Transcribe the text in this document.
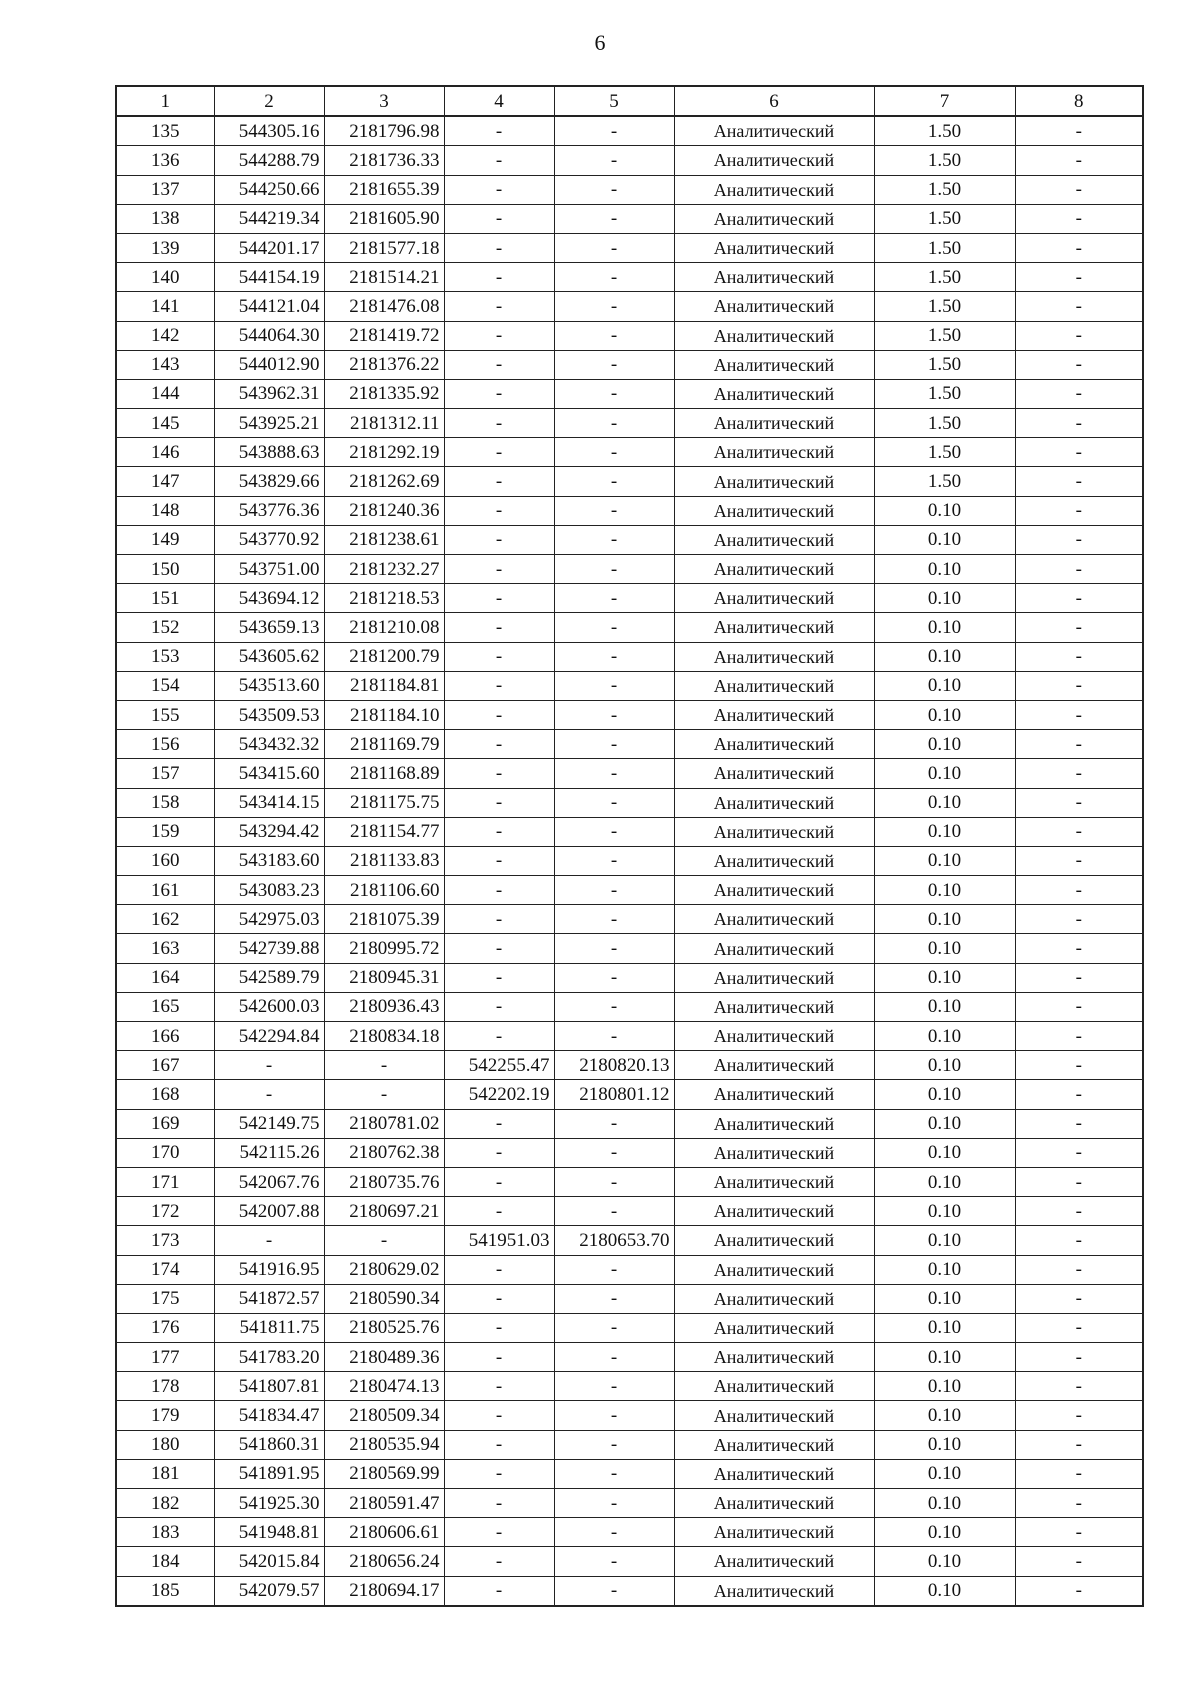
6
1	2	3	4	5	6	7	8
135	544305.16	2181796.98	-	-	Аналитический	1.50	-
136	544288.79	2181736.33	-	-	Аналитический	1.50	-
137	544250.66	2181655.39	-	-	Аналитический	1.50	-
138	544219.34	2181605.90	-	-	Аналитический	1.50	-
139	544201.17	2181577.18	-	-	Аналитический	1.50	-
140	544154.19	2181514.21	-	-	Аналитический	1.50	-
141	544121.04	2181476.08	-	-	Аналитический	1.50	-
142	544064.30	2181419.72	-	-	Аналитический	1.50	-
143	544012.90	2181376.22	-	-	Аналитический	1.50	-
144	543962.31	2181335.92	-	-	Аналитический	1.50	-
145	543925.21	2181312.11	-	-	Аналитический	1.50	-
146	543888.63	2181292.19	-	-	Аналитический	1.50	-
147	543829.66	2181262.69	-	-	Аналитический	1.50	-
148	543776.36	2181240.36	-	-	Аналитический	0.10	-
149	543770.92	2181238.61	-	-	Аналитический	0.10	-
150	543751.00	2181232.27	-	-	Аналитический	0.10	-
151	543694.12	2181218.53	-	-	Аналитический	0.10	-
152	543659.13	2181210.08	-	-	Аналитический	0.10	-
153	543605.62	2181200.79	-	-	Аналитический	0.10	-
154	543513.60	2181184.81	-	-	Аналитический	0.10	-
155	543509.53	2181184.10	-	-	Аналитический	0.10	-
156	543432.32	2181169.79	-	-	Аналитический	0.10	-
157	543415.60	2181168.89	-	-	Аналитический	0.10	-
158	543414.15	2181175.75	-	-	Аналитический	0.10	-
159	543294.42	2181154.77	-	-	Аналитический	0.10	-
160	543183.60	2181133.83	-	-	Аналитический	0.10	-
161	543083.23	2181106.60	-	-	Аналитический	0.10	-
162	542975.03	2181075.39	-	-	Аналитический	0.10	-
163	542739.88	2180995.72	-	-	Аналитический	0.10	-
164	542589.79	2180945.31	-	-	Аналитический	0.10	-
165	542600.03	2180936.43	-	-	Аналитический	0.10	-
166	542294.84	2180834.18	-	-	Аналитический	0.10	-
167	-	-	542255.47	2180820.13	Аналитический	0.10	-
168	-	-	542202.19	2180801.12	Аналитический	0.10	-
169	542149.75	2180781.02	-	-	Аналитический	0.10	-
170	542115.26	2180762.38	-	-	Аналитический	0.10	-
171	542067.76	2180735.76	-	-	Аналитический	0.10	-
172	542007.88	2180697.21	-	-	Аналитический	0.10	-
173	-	-	541951.03	2180653.70	Аналитический	0.10	-
174	541916.95	2180629.02	-	-	Аналитический	0.10	-
175	541872.57	2180590.34	-	-	Аналитический	0.10	-
176	541811.75	2180525.76	-	-	Аналитический	0.10	-
177	541783.20	2180489.36	-	-	Аналитический	0.10	-
178	541807.81	2180474.13	-	-	Аналитический	0.10	-
179	541834.47	2180509.34	-	-	Аналитический	0.10	-
180	541860.31	2180535.94	-	-	Аналитический	0.10	-
181	541891.95	2180569.99	-	-	Аналитический	0.10	-
182	541925.30	2180591.47	-	-	Аналитический	0.10	-
183	541948.81	2180606.61	-	-	Аналитический	0.10	-
184	542015.84	2180656.24	-	-	Аналитический	0.10	-
185	542079.57	2180694.17	-	-	Аналитический	0.10	-
